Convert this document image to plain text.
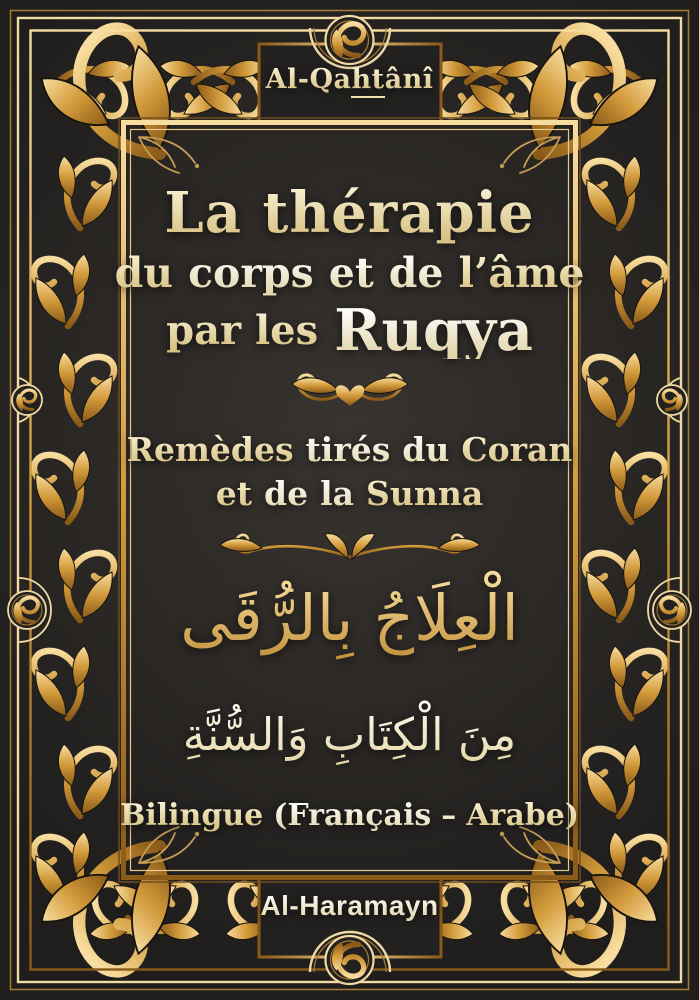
Al-Qahtânî
La thérapie
du corps et de l’âme
par les Ruqya
Remèdes tirés du Coran
et de la Sunna
الْعِلَاجُ بِالرُّقَى
مِنَ الْكِتَابِ وَالسُّنَّةِ
Bilingue (Français – Arabe)
Al-Haramayn
